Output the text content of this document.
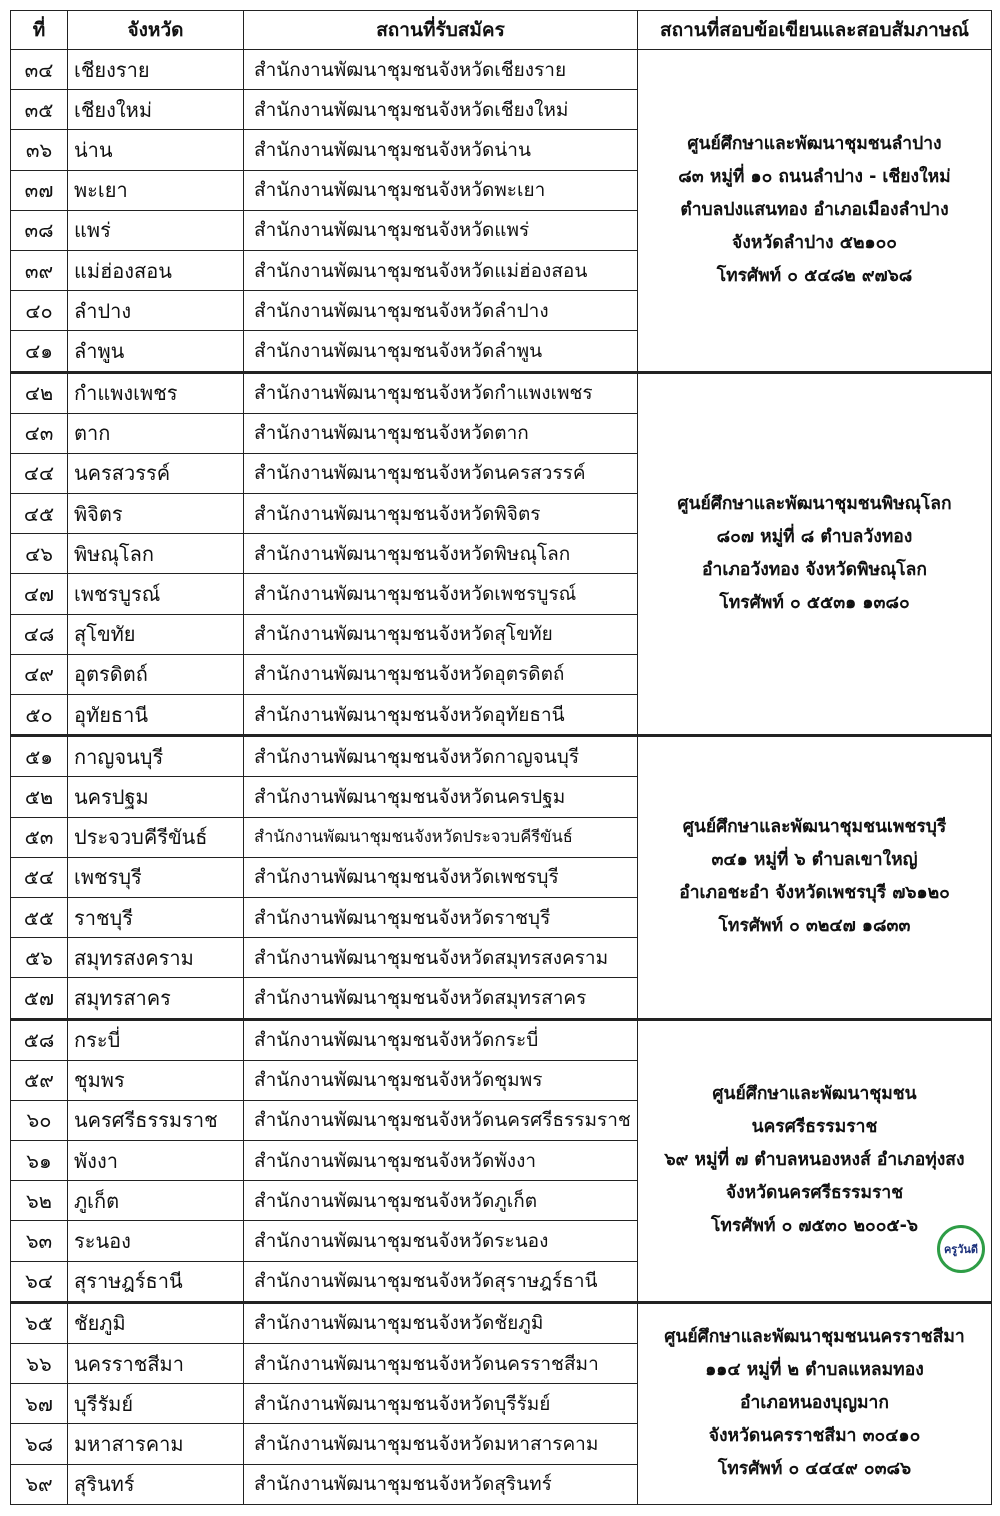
ที่	จังหวัด	สถานที่รับสมัคร	สถานที่สอบข้อเขียนและสอบสัมภาษณ์
๓๔	เชียงราย	สำนักงานพัฒนาชุมชนจังหวัดเชียงราย	ศูนย์ศึกษาและพัฒนาชุมชนลำปาง
๘๓ หมู่ที่ ๑๐ ถนนลำปาง - เชียงใหม่
ตำบลปงแสนทอง อำเภอเมืองลำปาง
จังหวัดลำปาง ๕๒๑๐๐
โทรศัพท์ ๐ ๕๔๘๒ ๙๗๖๘

๓๕	เชียงใหม่	สำนักงานพัฒนาชุมชนจังหวัดเชียงใหม่	
๓๖	น่าน	สำนักงานพัฒนาชุมชนจังหวัดน่าน	
๓๗	พะเยา	สำนักงานพัฒนาชุมชนจังหวัดพะเยา	
๓๘	แพร่	สำนักงานพัฒนาชุมชนจังหวัดแพร่	
๓๙	แม่ฮ่องสอน	สำนักงานพัฒนาชุมชนจังหวัดแม่ฮ่องสอน	
๔๐	ลำปาง	สำนักงานพัฒนาชุมชนจังหวัดลำปาง	
๔๑	ลำพูน	สำนักงานพัฒนาชุมชนจังหวัดลำพูน	
๔๒	กำแพงเพชร	สำนักงานพัฒนาชุมชนจังหวัดกำแพงเพชร	ศูนย์ศึกษาและพัฒนาชุมชนพิษณุโลก
๘๐๗ หมู่ที่ ๘ ตำบลวังทอง
อำเภอวังทอง จังหวัดพิษณุโลก
โทรศัพท์ ๐ ๕๕๓๑ ๑๓๘๐

๔๓	ตาก	สำนักงานพัฒนาชุมชนจังหวัดตาก	
๔๔	นครสวรรค์	สำนักงานพัฒนาชุมชนจังหวัดนครสวรรค์	
๔๕	พิจิตร	สำนักงานพัฒนาชุมชนจังหวัดพิจิตร	
๔๖	พิษณุโลก	สำนักงานพัฒนาชุมชนจังหวัดพิษณุโลก	
๔๗	เพชรบูรณ์	สำนักงานพัฒนาชุมชนจังหวัดเพชรบูรณ์	
๔๘	สุโขทัย	สำนักงานพัฒนาชุมชนจังหวัดสุโขทัย	
๔๙	อุตรดิตถ์	สำนักงานพัฒนาชุมชนจังหวัดอุตรดิตถ์	
๕๐	อุทัยธานี	สำนักงานพัฒนาชุมชนจังหวัดอุทัยธานี	
๕๑	กาญจนบุรี	สำนักงานพัฒนาชุมชนจังหวัดกาญจนบุรี	ศูนย์ศึกษาและพัฒนาชุมชนเพชรบุรี
๓๔๑ หมู่ที่ ๖ ตำบลเขาใหญ่
อำเภอชะอำ จังหวัดเพชรบุรี ๗๖๑๒๐
โทรศัพท์ ๐ ๓๒๔๗ ๑๘๓๓

๕๒	นครปฐม	สำนักงานพัฒนาชุมชนจังหวัดนครปฐม	
๕๓	ประจวบคีรีขันธ์	สำนักงานพัฒนาชุมชนจังหวัดประจวบคีรีขันธ์	
๕๔	เพชรบุรี	สำนักงานพัฒนาชุมชนจังหวัดเพชรบุรี	
๕๕	ราชบุรี	สำนักงานพัฒนาชุมชนจังหวัดราชบุรี	
๕๖	สมุทรสงคราม	สำนักงานพัฒนาชุมชนจังหวัดสมุทรสงคราม	
๕๗	สมุทรสาคร	สำนักงานพัฒนาชุมชนจังหวัดสมุทรสาคร	
๕๘	กระบี่	สำนักงานพัฒนาชุมชนจังหวัดกระบี่	ศูนย์ศึกษาและพัฒนาชุมชน
นครศรีธรรมราช
๖๙ หมู่ที่ ๗ ตำบลหนองหงส์ อำเภอทุ่งสง
จังหวัดนครศรีธรรมราช
โทรศัพท์ ๐ ๗๕๓๐ ๒๐๐๕-๖

๕๙	ชุมพร	สำนักงานพัฒนาชุมชนจังหวัดชุมพร	
๖๐	นครศรีธรรมราช	สำนักงานพัฒนาชุมชนจังหวัดนครศรีธรรมราช	
๖๑	พังงา	สำนักงานพัฒนาชุมชนจังหวัดพังงา	
๖๒	ภูเก็ต	สำนักงานพัฒนาชุมชนจังหวัดภูเก็ต	
๖๓	ระนอง	สำนักงานพัฒนาชุมชนจังหวัดระนอง	
๖๔	สุราษฎร์ธานี	สำนักงานพัฒนาชุมชนจังหวัดสุราษฎร์ธานี	
๖๕	ชัยภูมิ	สำนักงานพัฒนาชุมชนจังหวัดชัยภูมิ	ศูนย์ศึกษาและพัฒนาชุมชนนครราชสีมา
๑๑๔ หมู่ที่ ๒ ตำบลแหลมทอง
อำเภอหนองบุญมาก
จังหวัดนครราชสีมา ๓๐๔๑๐
โทรศัพท์ ๐ ๔๔๔๙ ๐๓๘๖

๖๖	นครราชสีมา	สำนักงานพัฒนาชุมชนจังหวัดนครราชสีมา	
๖๗	บุรีรัมย์	สำนักงานพัฒนาชุมชนจังหวัดบุรีรัมย์	
๖๘	มหาสารคาม	สำนักงานพัฒนาชุมชนจังหวัดมหาสารคาม	
๖๙	สุรินทร์	สำนักงานพัฒนาชุมชนจังหวัดสุรินทร์	
ครูวันดี
